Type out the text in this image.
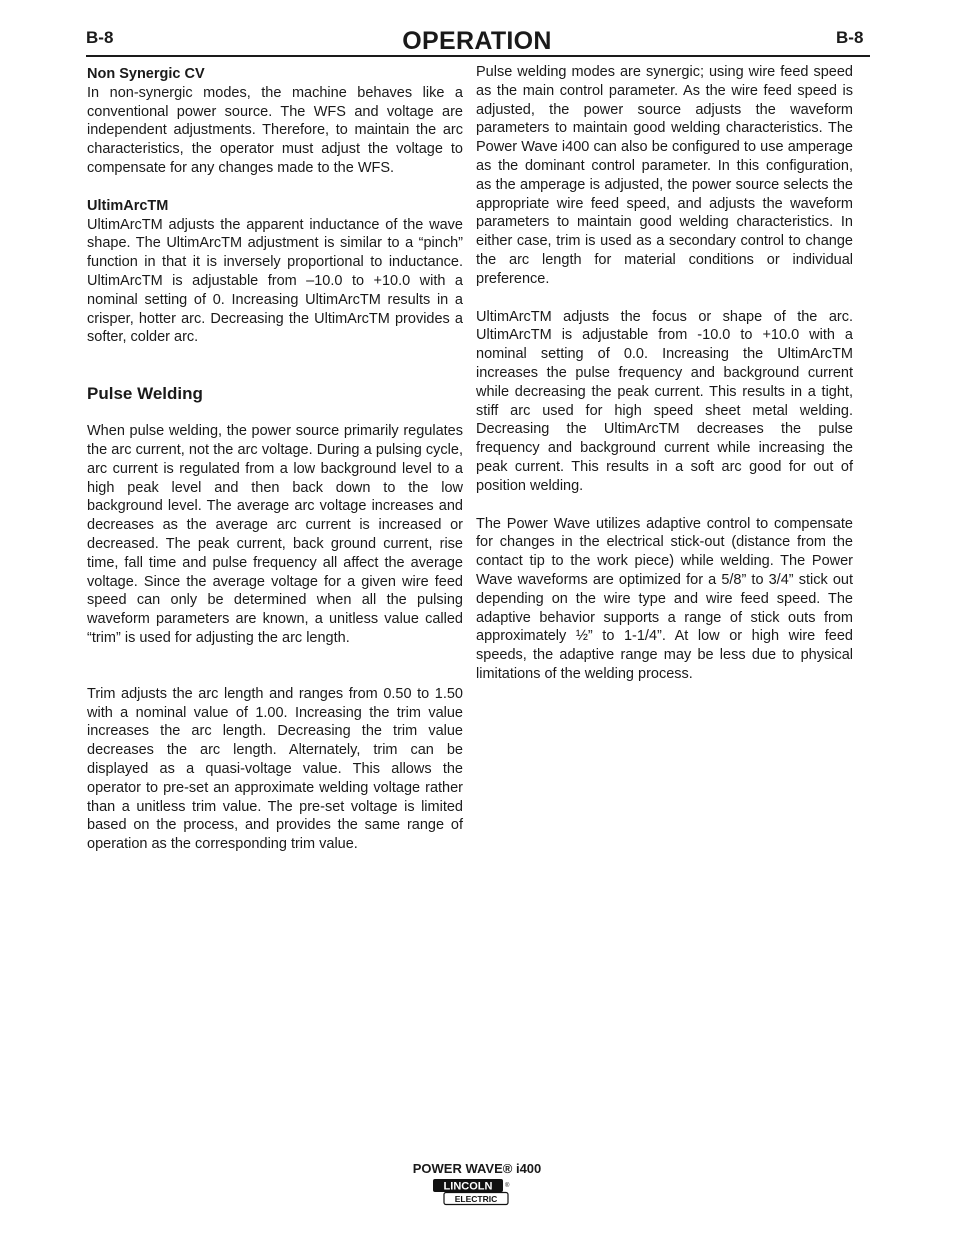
B-8	OPERATION	B-8
Non Synergic CV

In non-synergic modes, the machine behaves like a conventional power source. The WFS and voltage are independent adjustments. Therefore, to maintain the arc characteristics, the operator must adjust the voltage to compensate for any changes made to the WFS.

UltimArcTM

UltimArcTM adjusts the apparent inductance of the wave shape. The UltimArcTM adjustment is similar to a “pinch” function in that it is inversely proportional to inductance. UltimArcTM is adjustable from –10.0 to +10.0 with a nominal setting of 0. Increasing UltimArcTM results in a crisper, hotter arc. Decreasing the UltimArcTM provides a softer, colder arc.

Pulse Welding

When pulse welding, the power source primarily regulates the arc current, not the arc voltage. During a pulsing cycle, arc current is regulated from a low background level to a high peak level and then back down to the low background level. The average arc voltage increases and decreases as the average arc current is increased or decreased. The peak current, back ground current, rise time, fall time and pulse frequency all affect the average voltage. Since the average voltage for a given wire feed speed can only be determined when all the pulsing waveform parameters are known, a unitless value called “trim” is used for adjusting the arc length.

Trim adjusts the arc length and ranges from 0.50 to 1.50 with a nominal value of 1.00. Increasing the trim value increases the arc length. Decreasing the trim value decreases the arc length. Alternately, trim can be displayed as a quasi-voltage value. This allows the operator to pre-set an approximate welding voltage rather than a unitless trim value. The pre-set voltage is limited based on the process, and provides the same range of operation as the corresponding trim value.

Pulse welding modes are synergic; using wire feed speed as the main control parameter. As the wire feed speed is adjusted, the power source adjusts the waveform parameters to maintain good welding characteristics. The Power Wave i400 can also be configured to use amperage as the dominant control parameter. In this configuration, as the amperage is adjusted, the power source selects the appropriate wire feed speed, and adjusts the waveform parameters to maintain good welding characteristics. In either case, trim is used as a secondary control to change the arc length for material conditions or individual preference.

UltimArcTM adjusts the focus or shape of the arc. UltimArcTM is adjustable from -10.0 to +10.0 with a nominal setting of 0.0. Increasing the UltimArcTM increases the pulse frequency and background current while decreasing the peak current. This results in a tight, stiff arc used for high speed sheet metal welding. Decreasing the UltimArcTM decreases the pulse frequency and background current while increasing the peak current. This results in a soft arc good for out of position welding.

The Power Wave utilizes adaptive control to compensate for changes in the electrical stick-out (distance from the contact tip to the work piece) while welding. The Power Wave waveforms are optimized for a 5/8” to 3/4” stick out depending on the wire type and wire feed speed. The adaptive behavior supports a range of stick outs from approximately ½” to 1-1/4”. At low or high wire feed speeds, the adaptive range may be less due to physical limitations of the welding process.

POWER WAVE® i400
LINCOLN
ELECTRIC
®
